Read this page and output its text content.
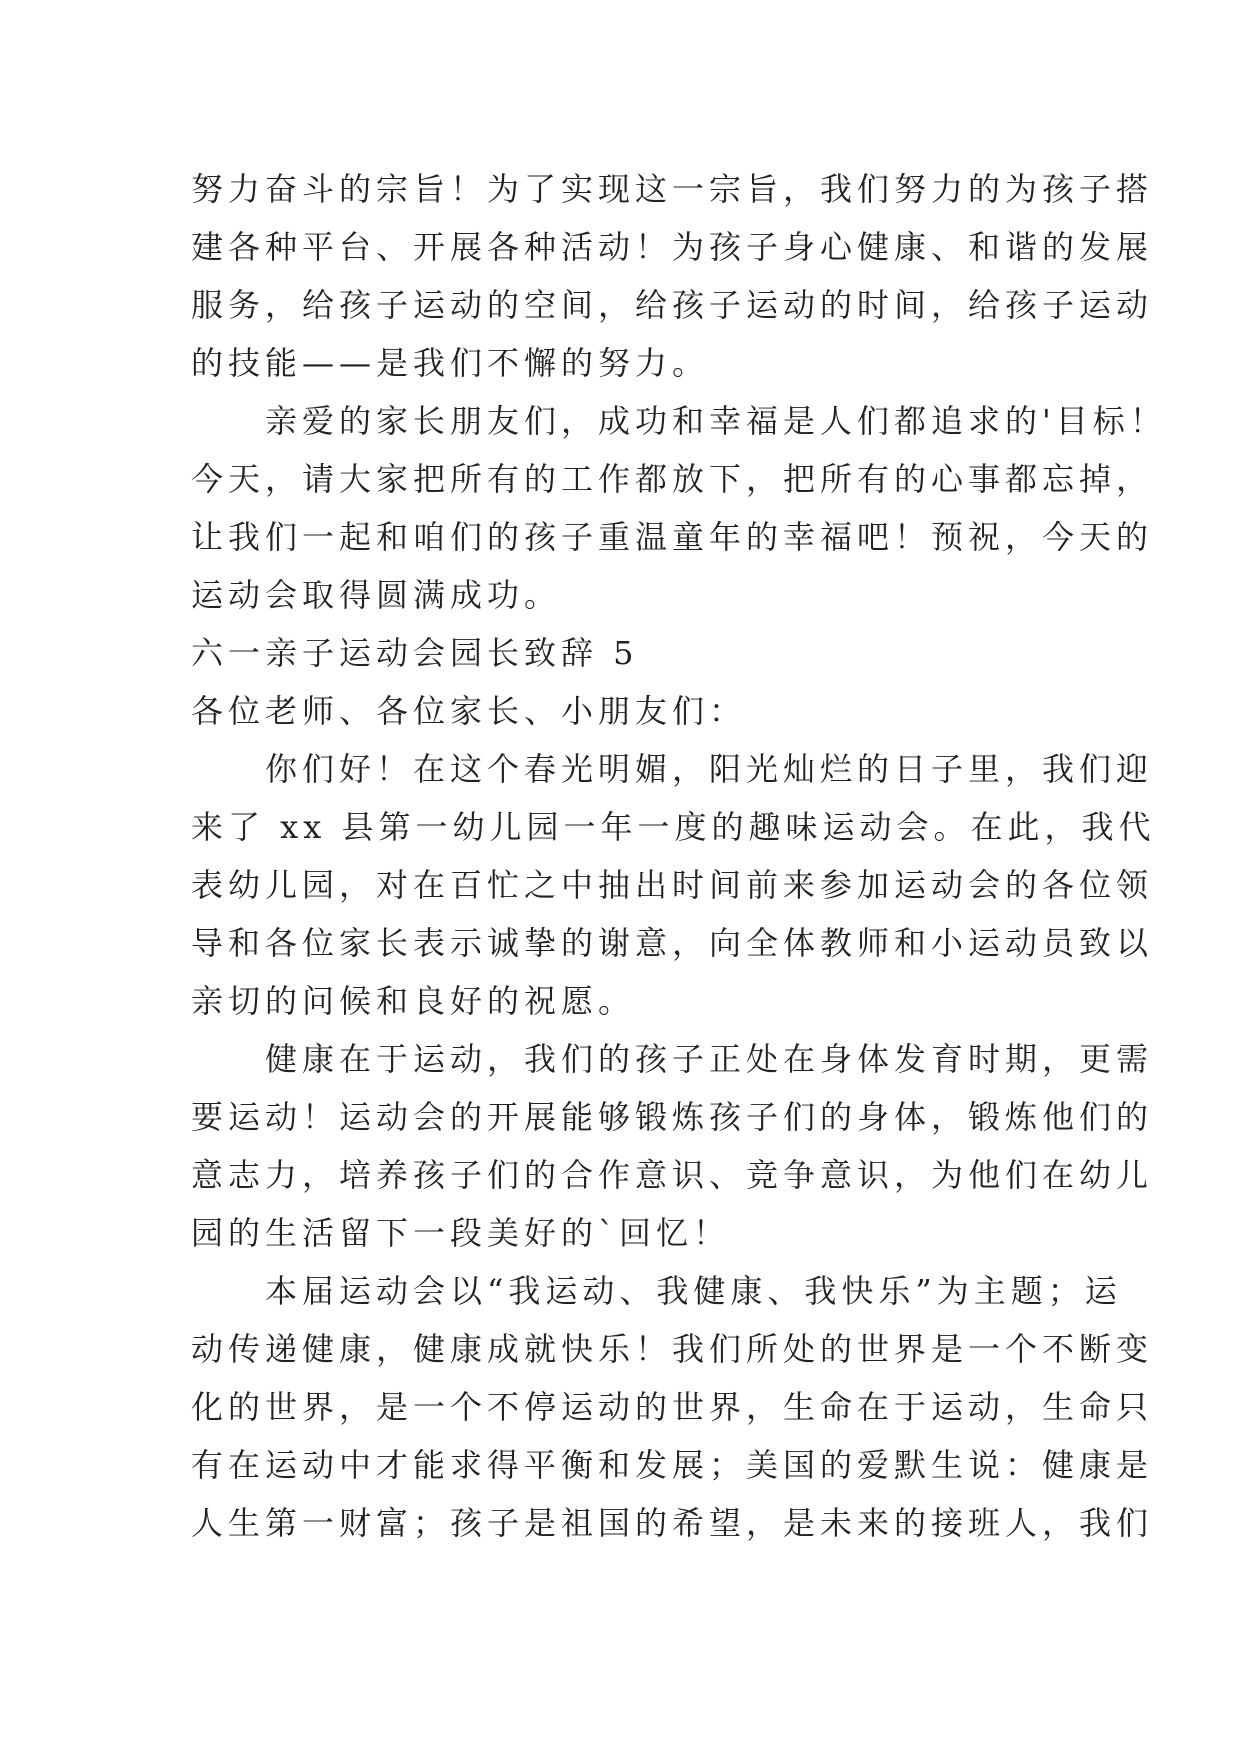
努力奋斗的宗旨！为了实现这一宗旨，我们努力的为孩子搭
建各种平台、开展各种活动！为孩子身心健康、和谐的发展
服务，给孩子运动的空间，给孩子运动的时间，给孩子运动
的技能——是我们不懈的努力。
亲爱的家长朋友们，成功和幸福是人们都追求的'目标！
今天，请大家把所有的工作都放下，把所有的心事都忘掉，
让我们一起和咱们的孩子重温童年的幸福吧！预祝，今天的
运动会取得圆满成功。
六一亲子运动会园长致辞 5
各位老师、各位家长、小朋友们：
你们好！在这个春光明媚，阳光灿烂的日子里，我们迎
来了 xx 县第一幼儿园一年一度的趣味运动会。在此，我代
表幼儿园，对在百忙之中抽出时间前来参加运动会的各位领
导和各位家长表示诚挚的谢意，向全体教师和小运动员致以
亲切的问候和良好的祝愿。
健康在于运动，我们的孩子正处在身体发育时期，更需
要运动！运动会的开展能够锻炼孩子们的身体，锻炼他们的
意志力，培养孩子们的合作意识、竞争意识，为他们在幼儿
园的生活留下一段美好的`回忆！
本届运动会以“我运动、我健康、我快乐”为主题；运
动传递健康，健康成就快乐！我们所处的世界是一个不断变
化的世界，是一个不停运动的世界，生命在于运动，生命只
有在运动中才能求得平衡和发展；美国的爱默生说：健康是
人生第一财富；孩子是祖国的希望，是未来的接班人，我们
